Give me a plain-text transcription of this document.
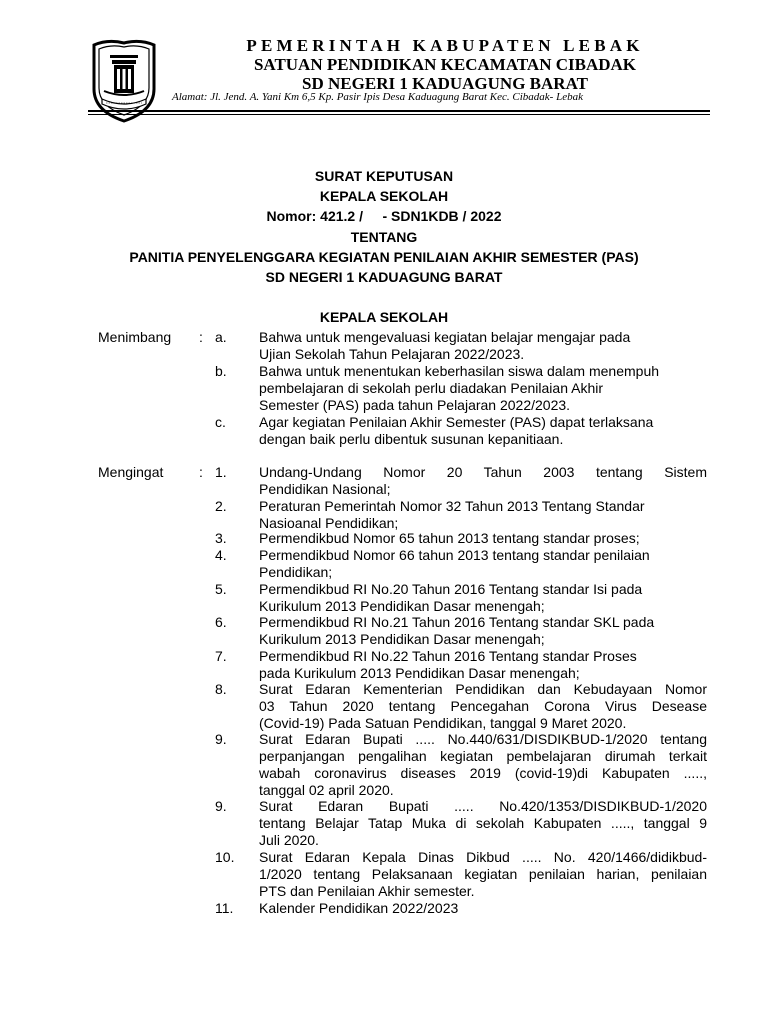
PEMERINTAH KABUPATEN LEBAK
SATUAN PENDIDIKAN KECAMATAN CIBADAK
SD NEGERI 1 KADUAGUNG BARAT
Alamat: Jl. Jend. A. Yani Km 6,5 Kp. Pasir Ipis Desa Kaduagung Barat Kec. Cibadak- Lebak
SURAT KEPUTUSAN
KEPALA SEKOLAH
Nomor: 421.2 /     - SDN1KDB / 2022
TENTANG
PANITIA PENYELENGGARA KEGIATAN PENILAIAN AKHIR SEMESTER (PAS)
SD NEGERI 1 KADUAGUNG BARAT
KEPALA SEKOLAH
Menimbang : a.	Bahwa untuk mengevaluasi kegiatan belajar mengajar pada
Ujian Sekolah Tahun Pelajaran 2022/2023.
b.	Bahwa untuk menentukan keberhasilan siswa dalam menempuh
pembelajaran di sekolah perlu diadakan Penilaian Akhir
Semester (PAS) pada tahun Pelajaran 2022/2023.
c.	Agar kegiatan Penilaian Akhir Semester (PAS) dapat terlaksana
dengan baik perlu dibentuk susunan kepanitiaan.
Mengingat	: 1.	Undang-Undang Nomor 20 Tahun 2003 tentang Sistem
Pendidikan Nasional;
2.	Peraturan Pemerintah Nomor 32 Tahun 2013 Tentang Standar
Nasioanal Pendidikan;
3.	Permendikbud Nomor 65 tahun 2013 tentang standar proses;
4.	Permendikbud Nomor 66 tahun 2013 tentang standar penilaian
Pendidikan;
5.	Permendikbud RI No.20 Tahun 2016 Tentang standar Isi pada
Kurikulum 2013 Pendidikan Dasar menengah;
6.	Permendikbud RI No.21 Tahun 2016 Tentang standar SKL pada
Kurikulum 2013 Pendidikan Dasar menengah;
7.	Permendikbud RI No.22 Tahun 2016 Tentang standar Proses
pada Kurikulum 2013 Pendidikan Dasar menengah;
8.	Surat Edaran Kementerian Pendidikan dan Kebudayaan Nomor
03 Tahun 2020 tentang Pencegahan Corona Virus Desease
(Covid-19) Pada Satuan Pendidikan, tanggal 9 Maret 2020.
9.	Surat Edaran Bupati ..... No.440/631/DISDIKBUD-1/2020 tentang
perpanjangan pengalihan kegiatan pembelajaran dirumah terkait
wabah coronavirus diseases 2019 (covid-19)di Kabupaten .....,
tanggal 02 april 2020.
9.	Surat Edaran Bupati ..... No.420/1353/DISDIKBUD-1/2020
tentang Belajar Tatap Muka di sekolah Kabupaten ....., tanggal 9
Juli 2020.
10.	Surat Edaran Kepala Dinas Dikbud ..... No. 420/1466/didikbud-
1/2020 tentang Pelaksanaan kegiatan penilaian harian, penilaian
PTS dan Penilaian Akhir semester.
11.	Kalender Pendidikan 2022/2023
